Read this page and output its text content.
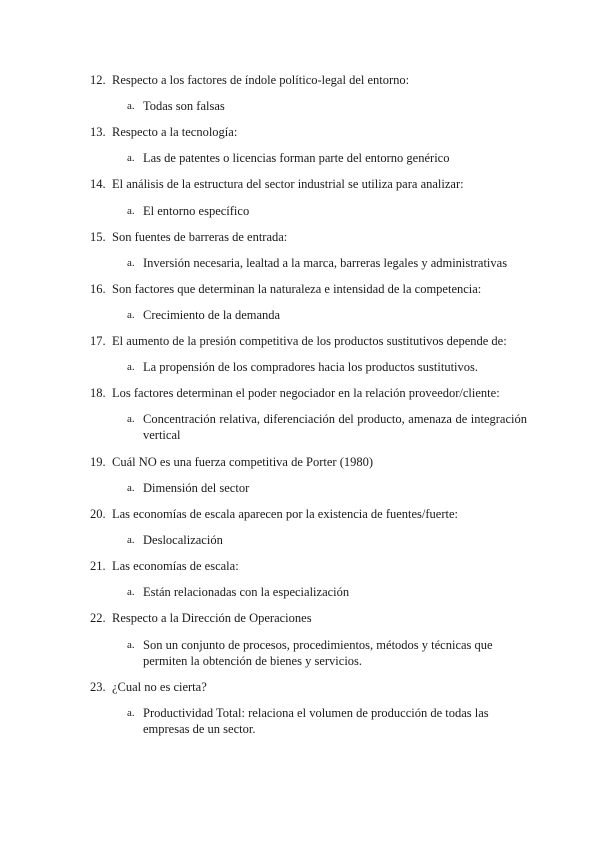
12. Respecto a los factores de índole político-legal del entorno:
a. Todas son falsas
13. Respecto a la tecnología:
a. Las de patentes o licencias forman parte del entorno genérico
14. El análisis de la estructura del sector industrial se utiliza para analizar:
a. El entorno específico
15. Son fuentes de barreras de entrada:
a. Inversión necesaria, lealtad a la marca, barreras legales y administrativas
16. Son factores que determinan la naturaleza e intensidad de la competencia:
a. Crecimiento de la demanda
17. El aumento de la presión competitiva de los productos sustitutivos depende de:
a. La propensión de los compradores hacia los productos sustitutivos.
18. Los factores determinan el poder negociador en la relación proveedor/cliente:
a. Concentración relativa, diferenciación del producto, amenaza de integración vertical
19. Cuál NO es una fuerza competitiva de Porter (1980)
a. Dimensión del sector
20. Las economías de escala aparecen por la existencia de fuentes/fuerte:
a. Deslocalización
21. Las economías de escala:
a. Están relacionadas con la especialización
22. Respecto a la Dirección de Operaciones
a. Son un conjunto de procesos, procedimientos, métodos y técnicas que permiten la obtención de bienes y servicios.
23. ¿Cual no es cierta?
a. Productividad Total: relaciona el volumen de producción de todas las empresas de un sector.
